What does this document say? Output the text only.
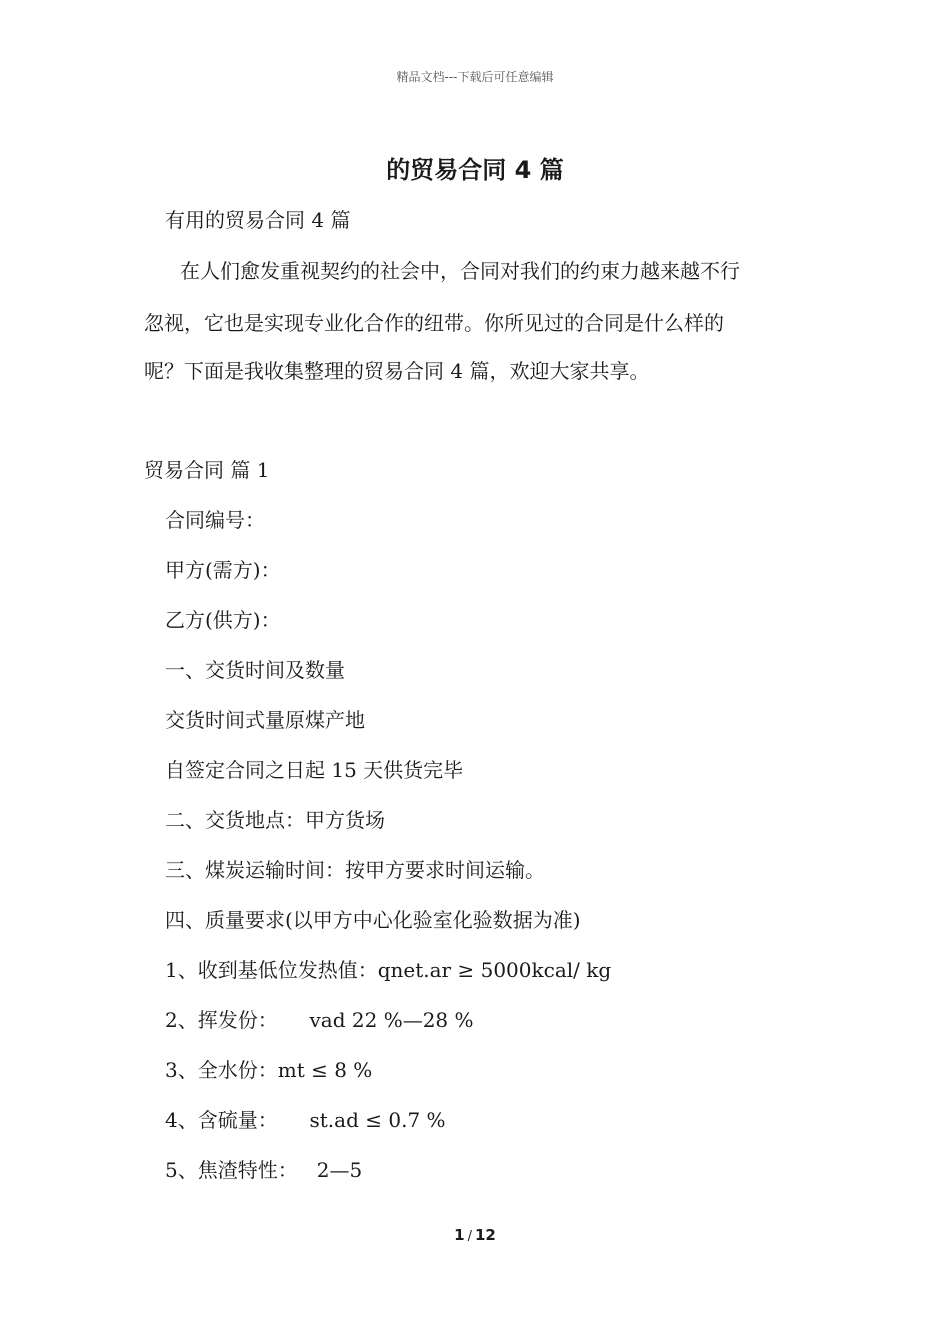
精品文档---下载后可任意编辑
的贸易合同 4 篇
有用的贸易合同 4 篇
在人们愈发重视契约的社会中，合同对我们的约束力越来越不行
忽视，它也是实现专业化合作的纽带。你所见过的合同是什么样的
呢？下面是我收集整理的贸易合同 4 篇，欢迎大家共享。
贸易合同 篇 1
合同编号：
甲方(需方)：
乙方(供方)：
一、交货时间及数量
交货时间式量原煤产地
自签定合同之日起 15 天供货完毕
二、交货地点：甲方货场
三、煤炭运输时间：按甲方要求时间运输。
四、质量要求(以甲方中心化验室化验数据为准)
1、收到基低位发热值：qnet.ar ≥ 5000kcal/ kg
2、挥发份：     vad 22 %—28 %
3、全水份：mt ≤ 8 %
4、含硫量：     st.ad ≤ 0.7 %
5、焦渣特性：   2—5
1 / 12
